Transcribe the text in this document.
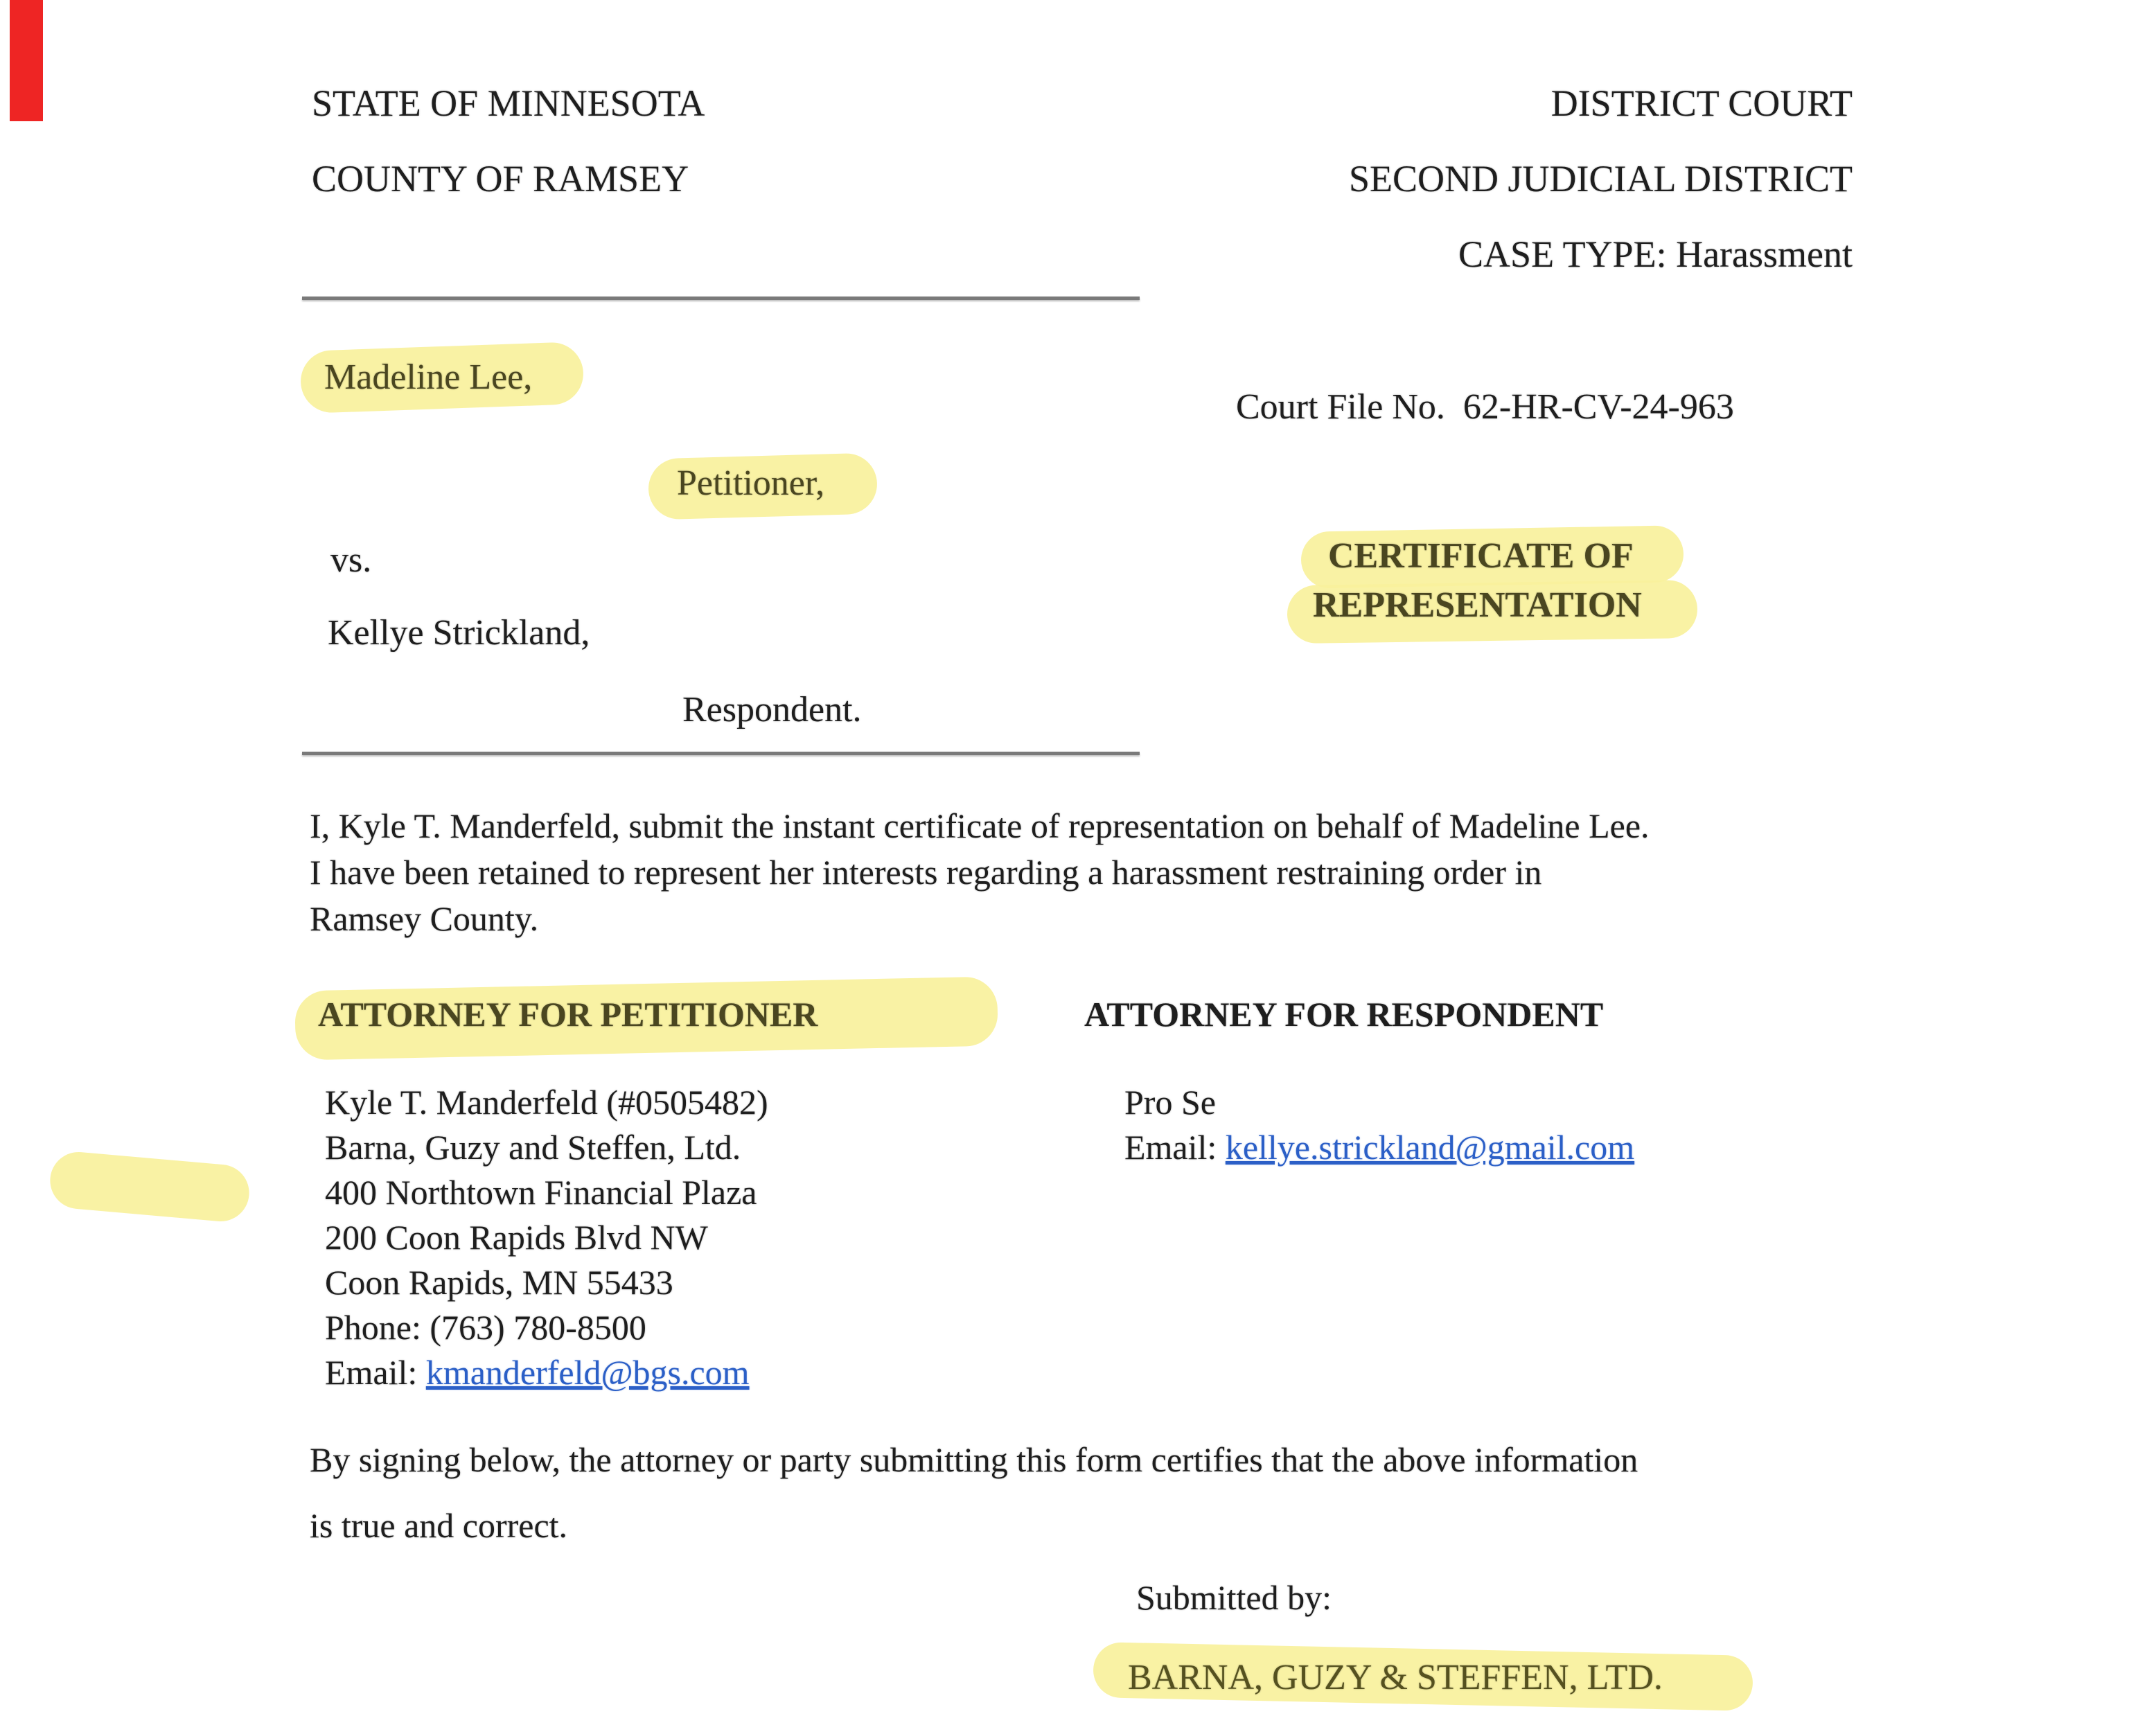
STATE OF MINNESOTA
COUNTY OF RAMSEY
DISTRICT COURT
SECOND JUDICIAL DISTRICT
CASE TYPE: Harassment
Madeline Lee,
Court File No.  62-HR-CV-24-963
Petitioner,
vs.	CERTIFICATE OF
REPRESENTATION
Kellye Strickland,
Respondent.
I, Kyle T. Manderfeld, submit the instant certificate of representation on behalf of Madeline Lee.
I have been retained to represent her interests regarding a harassment restraining order in
Ramsey County.
ATTORNEY FOR PETITIONER	ATTORNEY FOR RESPONDENT
Kyle T. Manderfeld (#0505482)
Barna, Guzy and Steffen, Ltd.
400 Northtown Financial Plaza
200 Coon Rapids Blvd NW
Coon Rapids, MN 55433
Phone: (763) 780-8500
Email: kmanderfeld@bgs.com
Pro Se
Email: kellye.strickland@gmail.com
By signing below, the attorney or party submitting this form certifies that the above information
is true and correct.
Submitted by:
BARNA, GUZY & STEFFEN, LTD.
